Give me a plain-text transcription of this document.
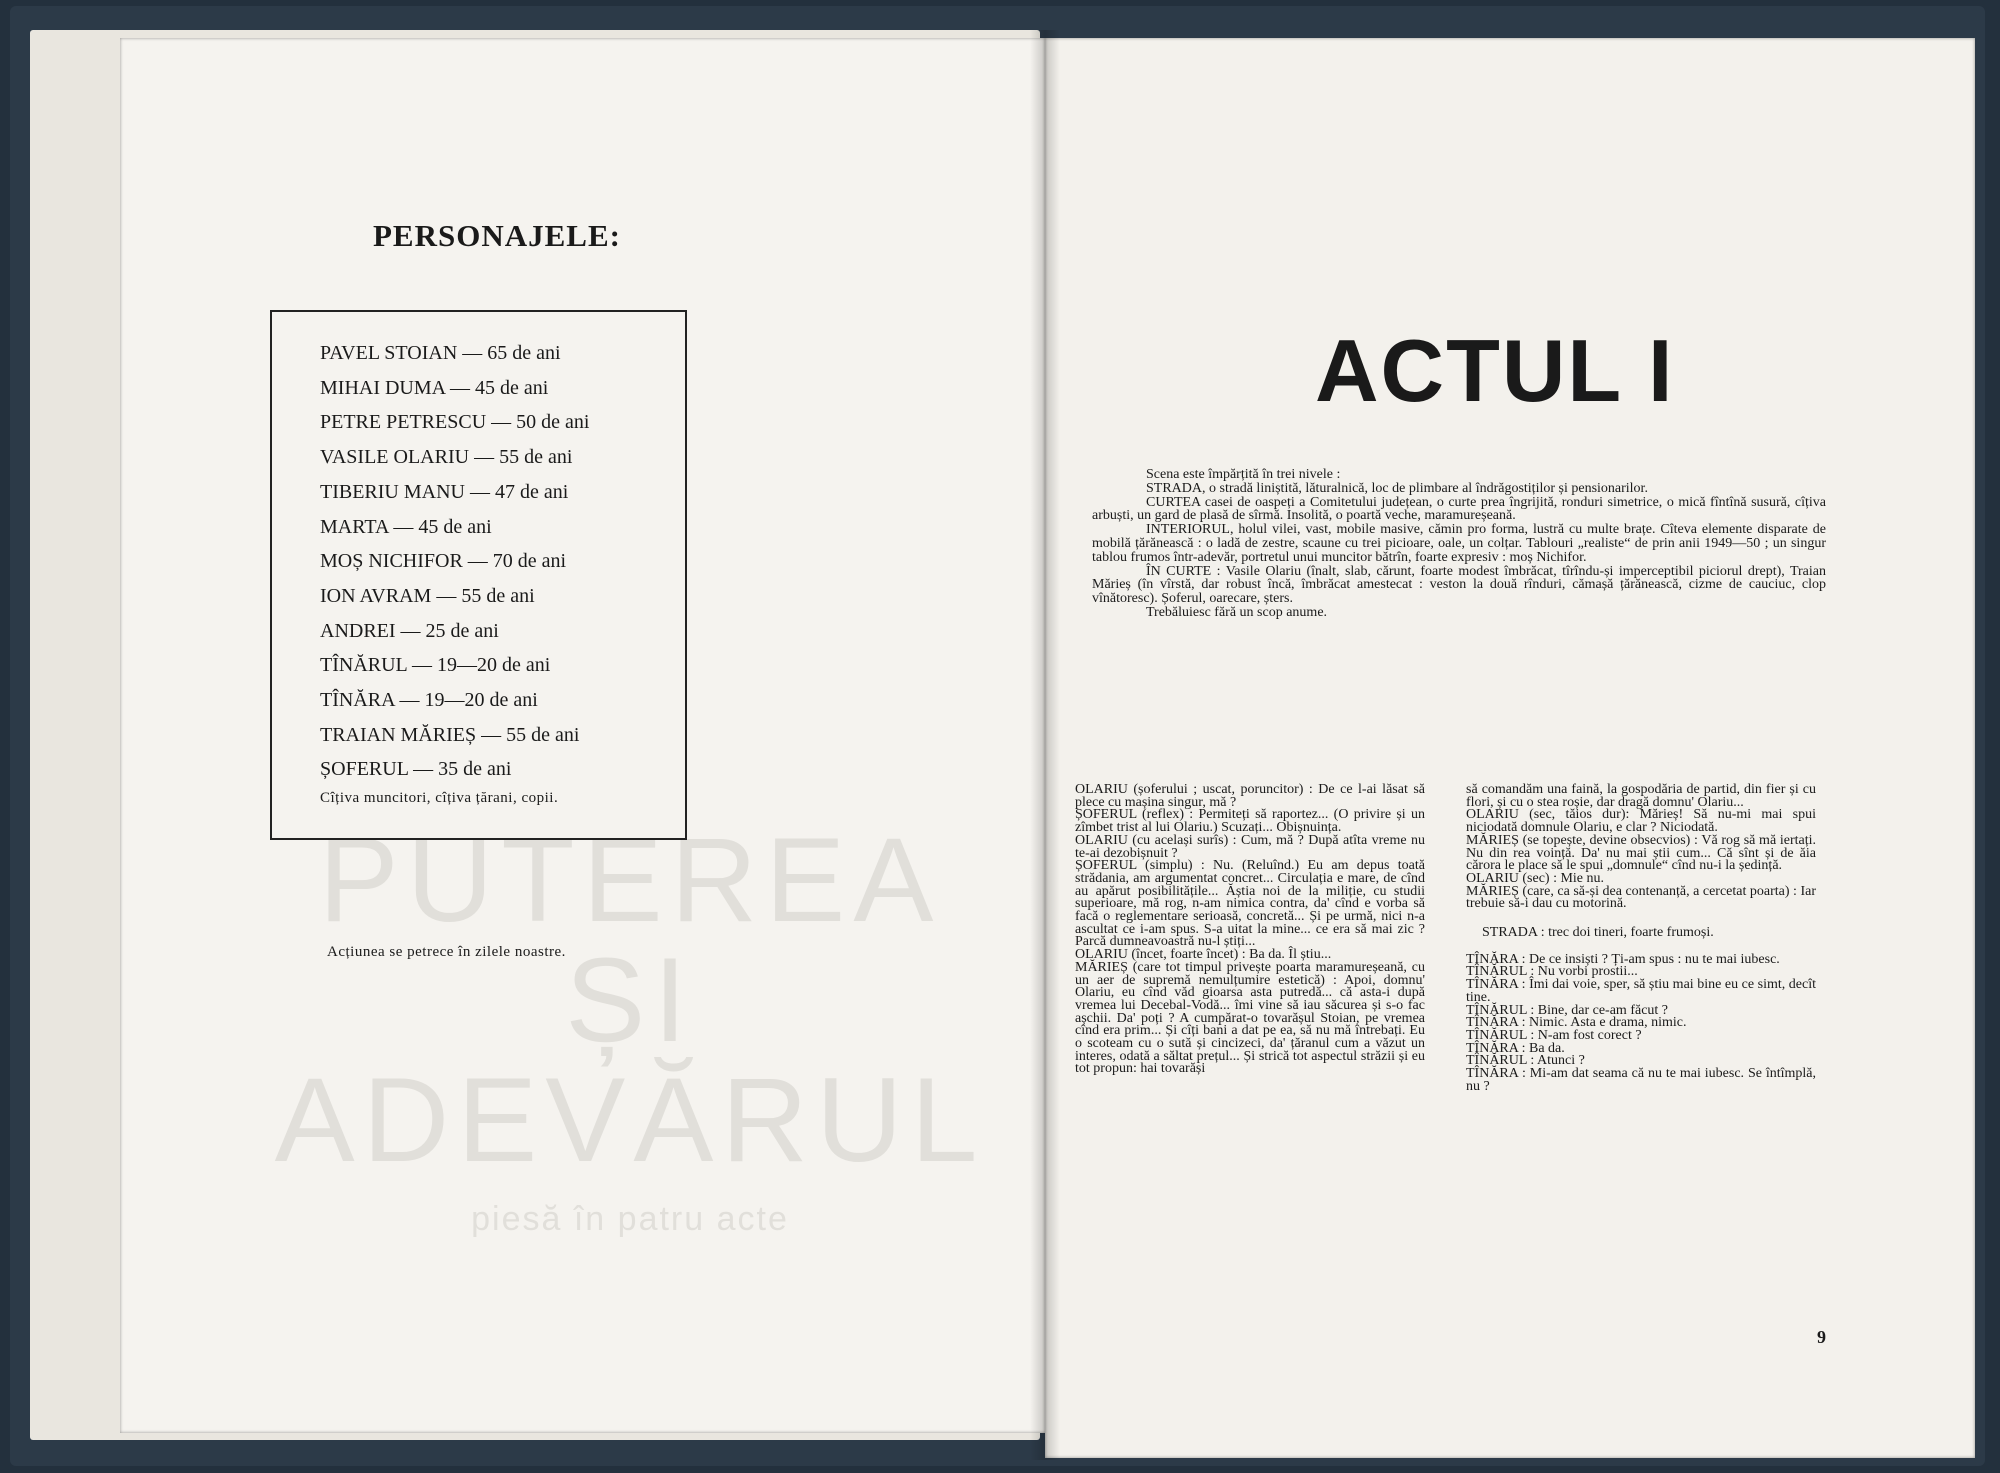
PUTEREA
ȘI
ADEVĂRUL
piesă în patru acte
PERSONAJELE:
PAVEL STOIAN — 65 de ani
MIHAI DUMA — 45 de ani
PETRE PETRESCU — 50 de ani
VASILE OLARIU — 55 de ani
TIBERIU MANU — 47 de ani
MARTA — 45 de ani
MOȘ NICHIFOR — 70 de ani
ION AVRAM — 55 de ani
ANDREI — 25 de ani
TÎNĂRUL — 19—20 de ani
TÎNĂRA — 19—20 de ani
TRAIAN MĂRIEȘ — 55 de ani
ȘOFERUL — 35 de ani
Cîțiva muncitori, cîțiva țărani, copii.
Acțiunea se petrece în zilele noastre.
ACTUL I

Scena este împărțită în trei nivele :

STRADA, o stradă liniștită, lăturalnică, loc de plimbare al îndrăgostiților și pensionarilor.

CURTEA casei de oaspeți a Comitetului județean, o curte prea îngrijită, ronduri simetrice, o mică fîntînă susură, cîțiva arbuști, un gard de plasă de sîrmă. Insolită, o poartă veche, maramureșeană.

INTERIORUL, holul vilei, vast, mobile masive, cămin pro forma, lustră cu multe brațe. Cîteva elemente disparate de mobilă țărănească : o ladă de zestre, scaune cu trei picioare, oale, un colțar. Tablouri „realiste“ de prin anii 1949—50 ; un singur tablou frumos într-adevăr, portretul unui muncitor bătrîn, foarte expresiv : moș Nichifor.

ÎN CURTE : Vasile Olariu (înalt, slab, cărunt, foarte modest îmbrăcat, tîrîndu-și imperceptibil piciorul drept), Traian Mărieș (în vîrstă, dar robust încă, îmbrăcat amestecat : veston la două rînduri, cămașă țărănească, cizme de cauciuc, clop vînătoresc). Șoferul, oarecare, șters.

Trebăluiesc fără un scop anume.

OLARIU (șoferului ; uscat, poruncitor) : De ce l-ai lăsat să plece cu mașina singur, mă ?

ȘOFERUL (reflex) : Permiteți să raportez... (O privire și un zîmbet trist al lui Olariu.) Scuzați... Obișnuința.

OLARIU (cu același surîs) : Cum, mă ? După atîta vreme nu te-ai dezobișnuit ?

ȘOFERUL (simplu) : Nu. (Reluînd.) Eu am depus toată strădania, am argumentat concret... Circulația e mare, de cînd au apărut posibilitățile... Ăștia noi de la miliție, cu studii superioare, mă rog, n-am nimica contra, da' cînd e vorba să facă o reglementare serioasă, concretă... Și pe urmă, nici n-a ascultat ce i-am spus. S-a uitat la mine... ce era să mai zic ? Parcă dumneavoastră nu-l știți...

OLARIU (încet, foarte încet) : Ba da. Îl știu...

MĂRIEȘ (care tot timpul privește poarta maramureșeană, cu un aer de supremă nemulțumire estetică) : Apoi, domnu' Olariu, eu cînd văd gioarsa asta putredă... că asta-i după vremea lui Decebal-Vodă... îmi vine să iau săcurea și s-o fac așchii. Da' poți ? A cumpărat-o tovarășul Stoian, pe vremea cînd era prim... Și cîți bani a dat pe ea, să nu mă întrebați. Eu o scoteam cu o sută și cincizeci, da' țăranul cum a văzut un interes, odată a săltat prețul... Și strică tot aspectul străzii și eu tot propun: hai tovarăși

să comandăm una faină, la gospodăria de partid, din fier și cu flori, și cu o stea roșie, dar dragă domnu' Olariu...

OLARIU (sec, tăios dur): Mărieș! Să nu-mi mai spui niciodată domnule Olariu, e clar ? Niciodată.

MĂRIEȘ (se topește, devine obsecvios) : Vă rog să mă iertați. Nu din rea voință. Da' nu mai știi cum... Că sînt și de ăia cărora le place să le spui „domnule“ cînd nu-i la ședință.

OLARIU (sec) : Mie nu.

MĂRIEȘ (care, ca să-și dea contenanță, a cercetat poarta) : Iar trebuie să-i dau cu motorină.

STRADA : trec doi tineri, foarte frumoși.

TÎNĂRA : De ce insiști ? Ți-am spus : nu te mai iubesc.

TÎNĂRUL : Nu vorbi prostii...

TÎNĂRA : Îmi dai voie, sper, să știu mai bine eu ce simt, decît tine.

TÎNĂRUL : Bine, dar ce-am făcut ?

TÎNĂRA : Nimic. Asta e drama, nimic.

TÎNĂRUL : N-am fost corect ?

TÎNĂRA : Ba da.

TÎNĂRUL : Atunci ?

TÎNĂRA : Mi-am dat seama că nu te mai iubesc. Se întîmplă, nu ?

9
